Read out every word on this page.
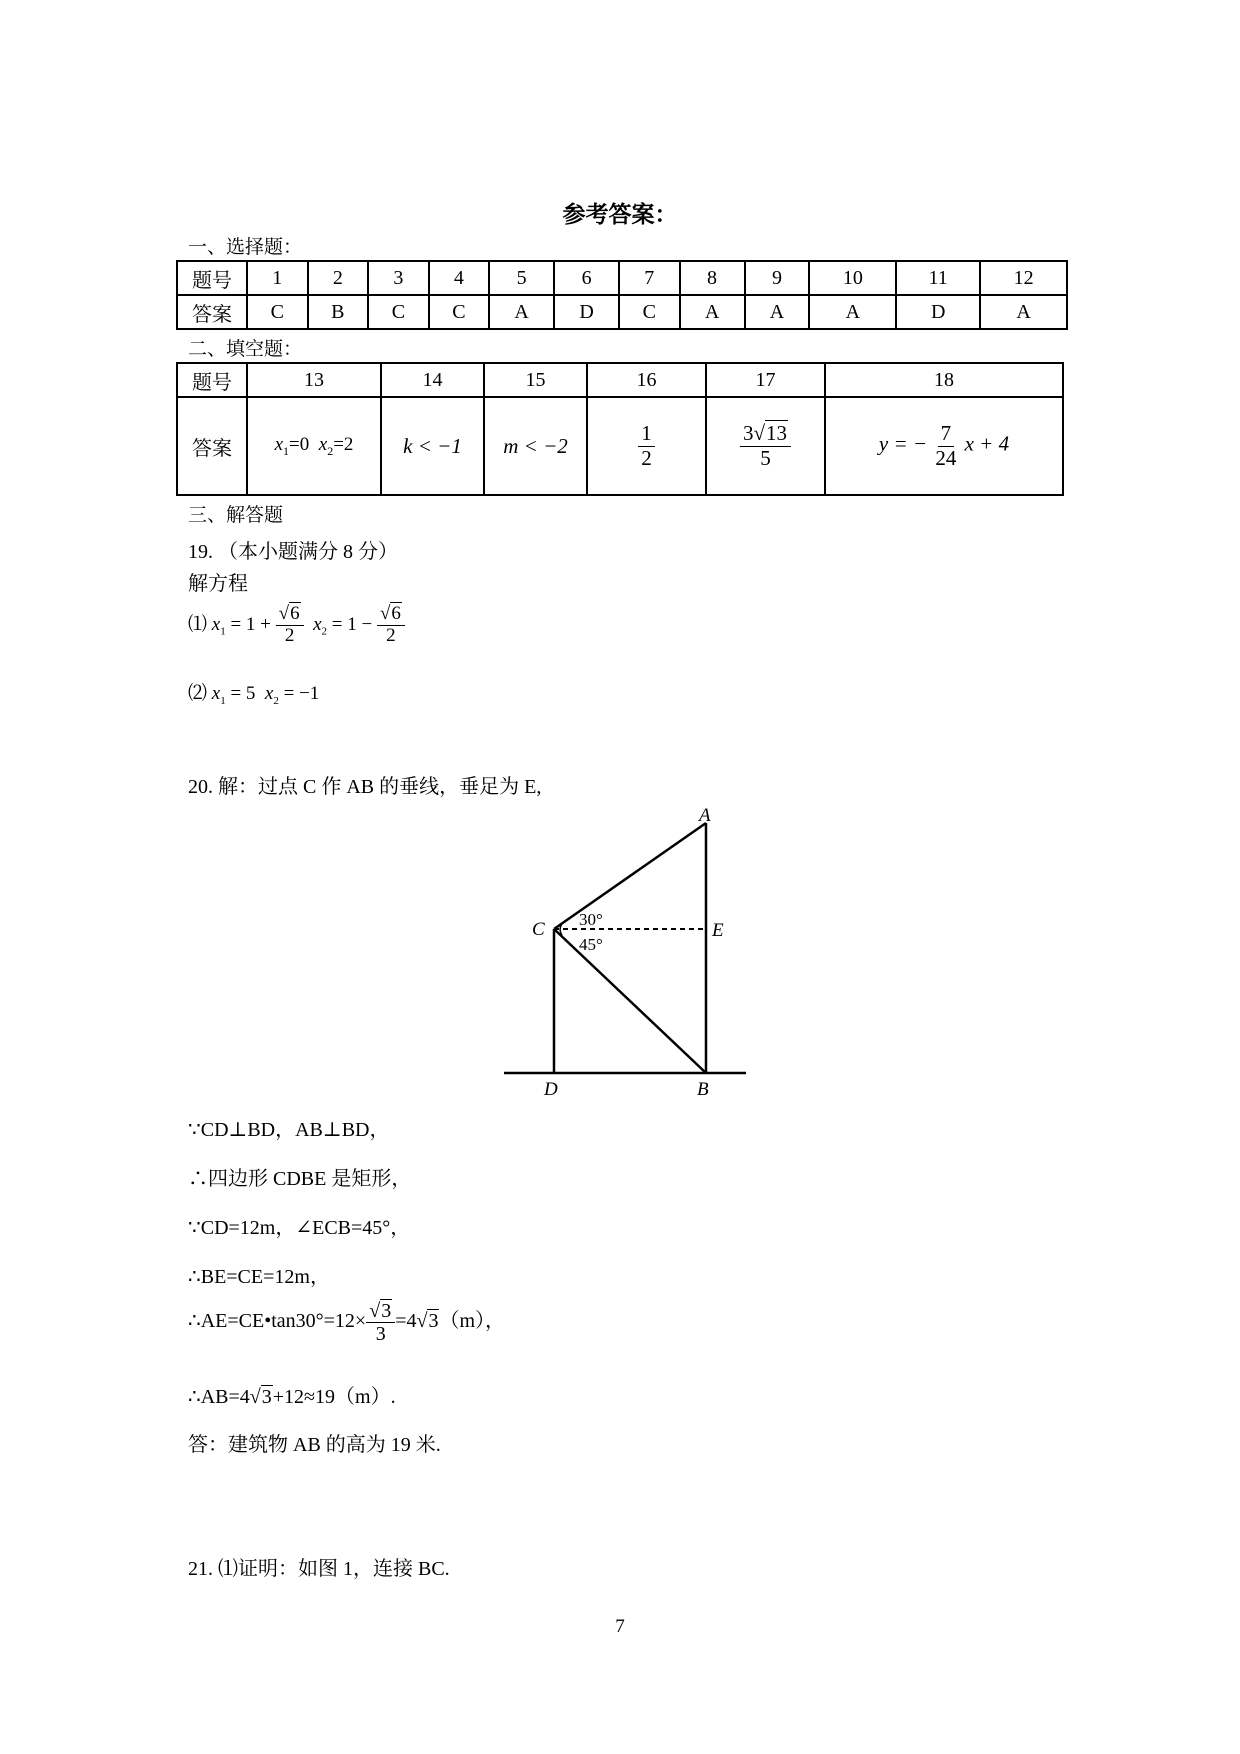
参考答案：
一、选择题：
题号	1	2	3	4	5	6	7	8	9	10	11	12
答案	C	B	C	C	A	D	C	A	A	A	D	A
二、填空题：
题号	13	14	15	16	17	18
答案	$x_1=0$ $x_2=2$	k < −1	m < −2	$\frac{1}{2}$	$\frac{3√13}{5}$	y = − $\frac{7}{24}$ x + 4
三、解答题
19. （本小题满分 8 分）
解方程
⑴ $x_1 = 1 + \frac{√6}{2} x_2 = 1 - \frac{√6}{2}$
⑵ $x_1 = 5$ $x_2 = -1$
20. 解：过点 C 作 AB 的垂线，垂足为 E,
A
C	E
D	B
30°
45°
∵CD⊥BD，AB⊥BD，
∴四边形 CDBE 是矩形，
∵CD=12m，∠ECB=45°，
∴BE=CE=12m，
∴AE=CE•tan30°=12× $\frac{√3}{3} =4√3(m)$，
∴AB=4√3+12≈19（m）.
答：建筑物 AB 的高为 19 米.
21. ⑴证明：如图 1，连接 BC.
7
